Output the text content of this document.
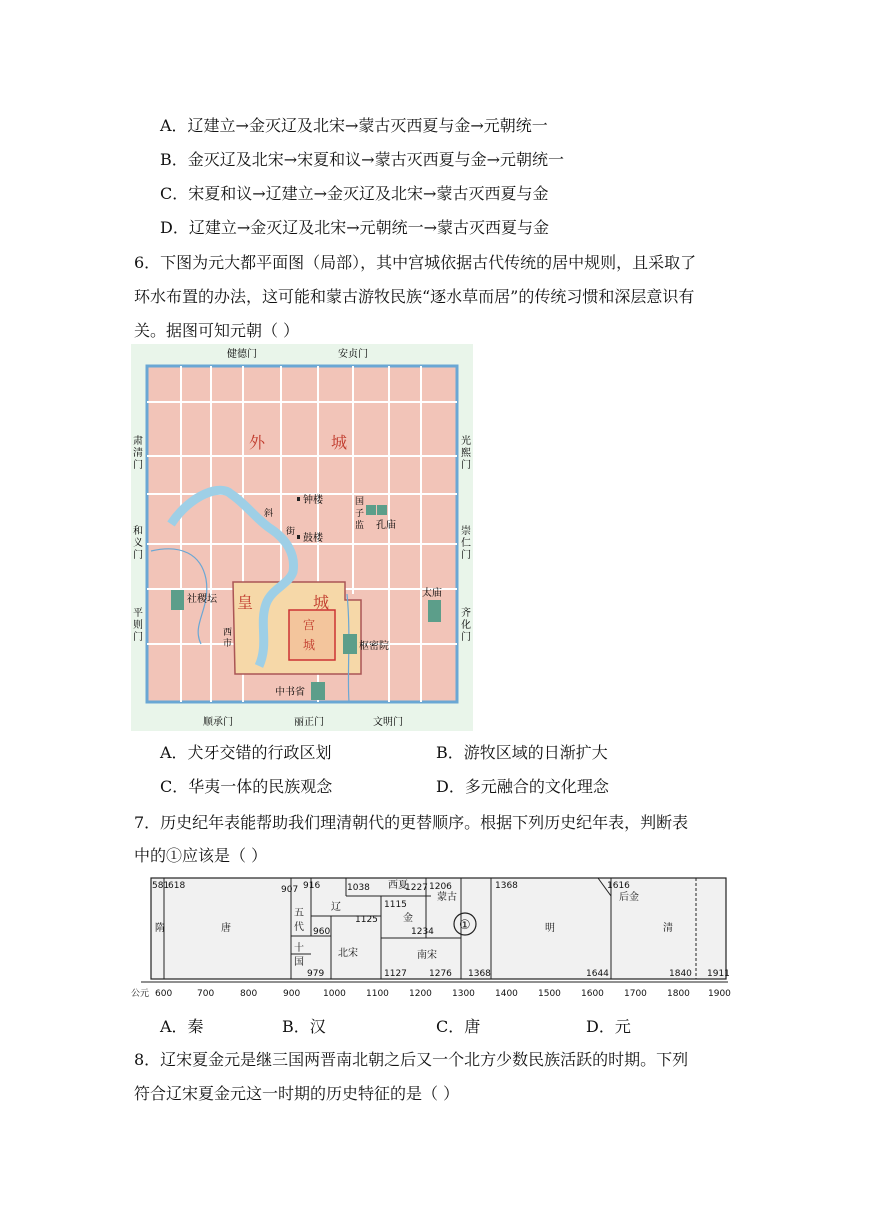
A．辽建立→金灭辽及北宋→蒙古灭西夏与金→元朝统一
B．金灭辽及北宋→宋夏和议→蒙古灭西夏与金→元朝统一
C．宋夏和议→辽建立→金灭辽及北宋→蒙古灭西夏与金
D．辽建立→金灭辽及北宋→元朝统一→蒙古灭西夏与金
6．下图为元大都平面图（局部），其中宫城依据古代传统的居中规则，且采取了
环水布置的办法，这可能和蒙古游牧民族“逐水草而居”的传统习惯和深层意识有
关。据图可知元朝（ ）
健德门	安贞门
顺承门	丽正门	文明门
肃
清
门
和
义
门
平
则
门
光
熙
门
崇
仁
门
齐
化
门
外	城
皇	城
宫
城
钟楼
鼓楼
斜
街
国
子
监 孔庙
社稷坛
太庙
西
市	枢密院
中书省
A．犬牙交错的行政区划	B．游牧区域的日渐扩大
C．华夷一体的民族观念	D．多元融合的文化理念
7．历史纪年表能帮助我们理清朝代的更替顺序。根据下列历史纪年表，判断表
中的①应该是（ ）
581
618	907 916
960
979
1038
1115
1125
1127
1206
1227
1234
1276
1368
1368
1616
1644	1840 1911
隋	唐
五
代
十
国
辽
北宋
西夏
金
南宋
蒙古
①	明
后金
清
公元 600	700	800	900	1000 1100 1200 1300 1400 1500 1600 1700 1800 1900
A．秦	B．汉	C．唐	D．元
8．辽宋夏金元是继三国两晋南北朝之后又一个北方少数民族活跃的时期。下列
符合辽宋夏金元这一时期的历史特征的是（ ）
